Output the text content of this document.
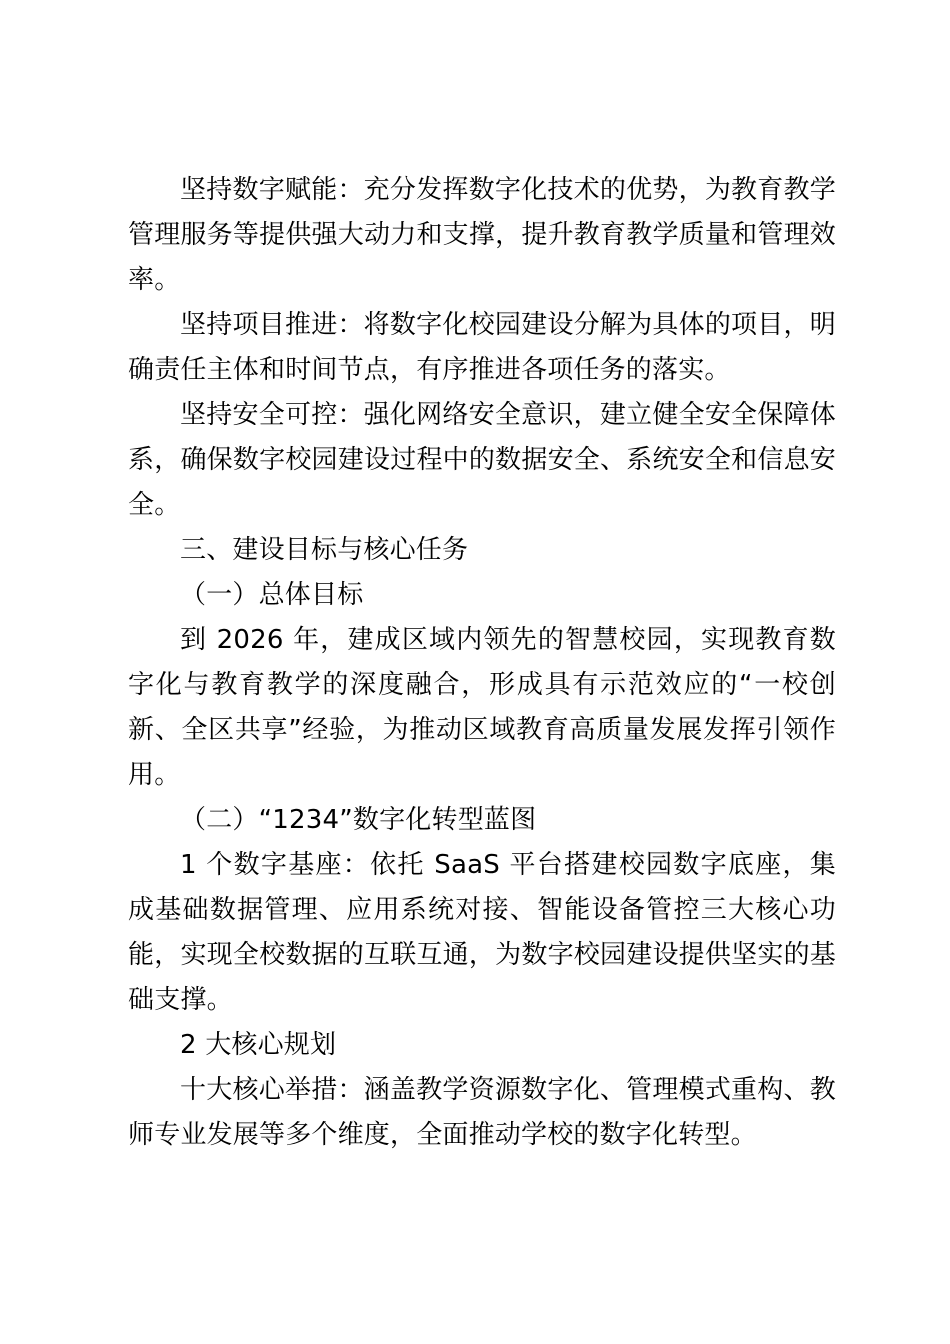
坚持数字赋能：充分发挥数字化技术的优势，为教育教学管理服务等提供强大动力和支撑，提升教育教学质量和管理效率。

坚持项目推进：将数字化校园建设分解为具体的项目，明确责任主体和时间节点，有序推进各项任务的落实。

坚持安全可控：强化网络安全意识，建立健全安全保障体系，确保数字校园建设过程中的数据安全、系统安全和信息安全。

三、建设目标与核心任务

（一）总体目标

到 2026 年，建成区域内领先的智慧校园，实现教育数字化与教育教学的深度融合，形成具有示范效应的“一校创新、全区共享”经验，为推动区域教育高质量发展发挥引领作用。

（二）“1234”数字化转型蓝图

1 个数字基座：依托 SaaS 平台搭建校园数字底座，集成基础数据管理、应用系统对接、智能设备管控三大核心功能，实现全校数据的互联互通，为数字校园建设提供坚实的基础支撑。

2 大核心规划

十大核心举措：涵盖教学资源数字化、管理模式重构、教师专业发展等多个维度，全面推动学校的数字化转型。
